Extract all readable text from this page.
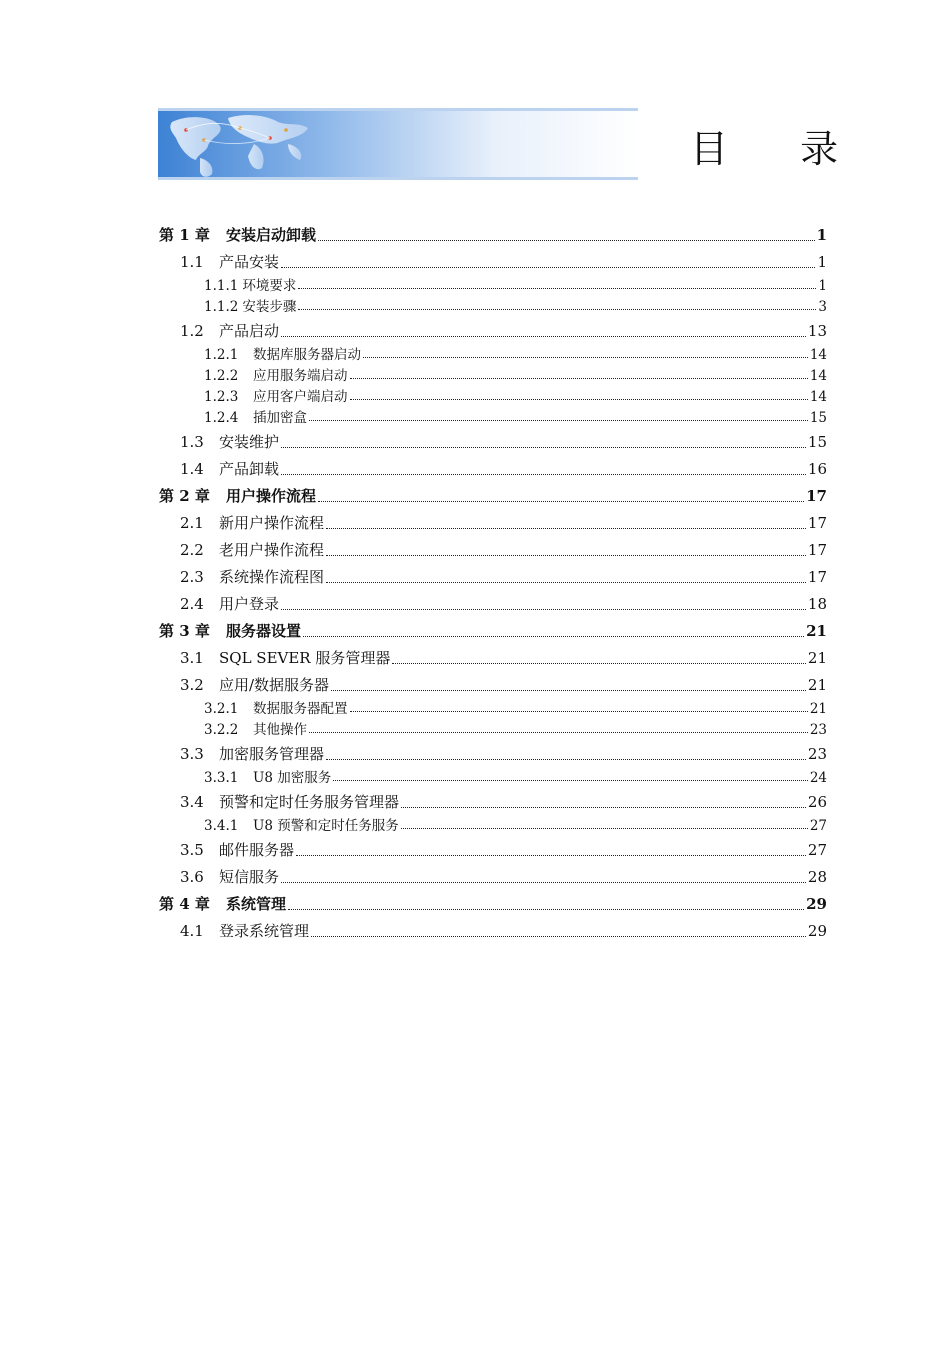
目 录
第 1 章	安装启动卸载	1
1.1	产品安装	1
1.1.1 环境要求	1
1.1.2 安装步骤	3
1.2	产品启动	13
1.2.1	数据库服务器启动	14
1.2.2	应用服务端启动	14
1.2.3	应用客户端启动	14
1.2.4	插加密盒	15
1.3	安装维护	15
1.4	产品卸载	16
第 2 章	用户操作流程	17
2.1	新用户操作流程	17
2.2	老用户操作流程	17
2.3	系统操作流程图	17
2.4	用户登录	18
第 3 章	服务器设置	21
3.1	SQL SEVER 服务管理器	21
3.2	应用/数据服务器	21
3.2.1	数据服务器配置	21
3.2.2	其他操作	23
3.3	加密服务管理器	23
3.3.1	U8 加密服务	24
3.4	预警和定时任务服务管理器	26
3.4.1	U8 预警和定时任务服务	27
3.5	邮件服务器	27
3.6	短信服务	28
第 4 章	系统管理	29
4.1	登录系统管理	29
